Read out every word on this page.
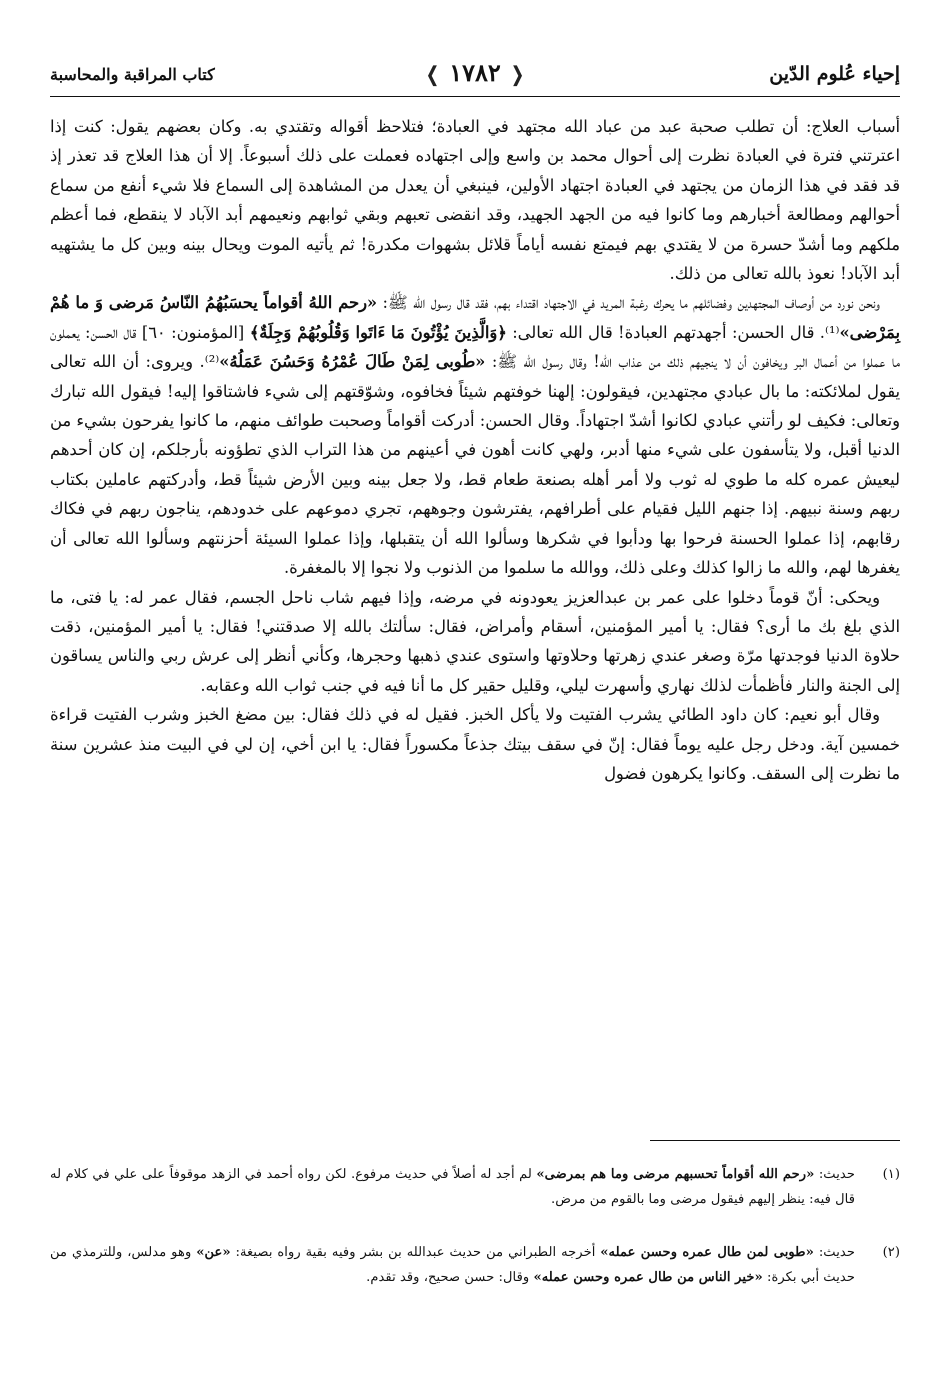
إحياء عُلوم الدّين
❬ ١٧٨٢ ❭
كتاب المراقبة والمحاسبة

أسباب العلاج: أن تطلب صحبة عبد من عباد الله مجتهد في العبادة؛ فتلاحظ أقواله وتقتدي به. وكان بعضهم يقول: كنت إذا اعترتني فترة في العبادة نظرت إلى أحوال محمد بن واسع وإلى اجتهاده فعملت على ذلك أسبوعاً. إلا أن هذا العلاج قد تعذر إذ قد فقد في هذا الزمان من يجتهد في العبادة اجتهاد الأولين، فينبغي أن يعدل من المشاهدة إلى السماع فلا شيء أنفع من سماع أحوالهم ومطالعة أخبارهم وما كانوا فيه من الجهد الجهيد، وقد انقضى تعبهم وبقي ثوابهم ونعيمهم أبد الآباد لا ينقطع، فما أعظم ملكهم وما أشدّ حسرة من لا يقتدي بهم فيمتع نفسه أياماً قلائل بشهوات مكدرة! ثم يأتيه الموت ويحال بينه وبين كل ما يشتهيه أبد الآباد! نعوذ بالله تعالى من ذلك.

ونحن نورد من أوصاف المجتهدين وفضائلهم ما يحرك رغبة المريد في الاجتهاد اقتداء بهم، فقد قال رسول الله ﷺ: «رحم اللهُ أقواماً يحسَبُهُمُ النّاسُ مَرضى وَ ما هُمْ بِمَرْضى»⁽¹⁾. قال الحسن: أجهدتهم العبادة! قال الله تعالى: ﴿وَالَّذِينَ يُؤْتُونَ مَا ءَاتَوا وَقُلُوبُهُمْ وَجِلَةٌ﴾ [المؤمنون: ٦٠] قال الحسن: يعملون ما عملوا من أعمال البر ويخافون أن لا ينجيهم ذلك من عذاب الله! وقال رسول الله ﷺ: «طُوبى لِمَنْ طَالَ عُمْرُهُ وَحَسُنَ عَمَلُهُ»⁽²⁾. ويروى: أن الله تعالى يقول لملائكته: ما بال عبادي مجتهدين، فيقولون: إلهنا خوفتهم شيئاً فخافوه، وشوّقتهم إلى شيء فاشتاقوا إليه! فيقول الله تبارك وتعالى: فكيف لو رأتني عبادي لكانوا أشدّ اجتهاداً. وقال الحسن: أدركت أقواماً وصحبت طوائف منهم، ما كانوا يفرحون بشيء من الدنيا أقبل، ولا يتأسفون على شيء منها أدبر، ولهي كانت أهون في أعينهم من هذا التراب الذي تطؤونه بأرجلكم، إن كان أحدهم ليعيش عمره كله ما طوي له ثوب ولا أمر أهله بصنعة طعام قط، ولا جعل بينه وبين الأرض شيئاً قط، وأدركتهم عاملين بكتاب ربهم وسنة نبيهم. إذا جنهم الليل فقيام على أطرافهم، يفترشون وجوههم، تجري دموعهم على خدودهم، يناجون ربهم في فكاك رقابهم، إذا عملوا الحسنة فرحوا بها ودأبوا في شكرها وسألوا الله أن يتقبلها، وإذا عملوا السيئة أحزنتهم وسألوا الله تعالى أن يغفرها لهم، والله ما زالوا كذلك وعلى ذلك، ووالله ما سلموا من الذنوب ولا نجوا إلا بالمغفرة.

ويحكى: أنّ قوماً دخلوا على عمر بن عبدالعزيز يعودونه في مرضه، وإذا فيهم شاب ناحل الجسم، فقال عمر له: يا فتى، ما الذي بلغ بك ما أرى؟ فقال: يا أمير المؤمنين، أسقام وأمراض، فقال: سألتك بالله إلا صدقتني! فقال: يا أمير المؤمنين، ذقت حلاوة الدنيا فوجدتها مرّة وصغر عندي زهرتها وحلاوتها واستوى عندي ذهبها وحجرها، وكأني أنظر إلى عرش ربي والناس يساقون إلى الجنة والنار فأظمأت لذلك نهاري وأسهرت ليلي، وقليل حقير كل ما أنا فيه في جنب ثواب الله وعقابه.

وقال أبو نعيم: كان داود الطائي يشرب الفتيت ولا يأكل الخبز. فقيل له في ذلك فقال: بين مضغ الخبز وشرب الفتيت قراءة خمسين آية. ودخل رجل عليه يوماً فقال: إنّ في سقف بيتك جذعاً مكسوراً فقال: يا ابن أخي، إن لي في البيت منذ عشرين سنة ما نظرت إلى السقف. وكانوا يكرهون فضول

(١)
حديث: «رحم الله أقواماً تحسبهم مرضى وما هم بمرضى» لم أجد له أصلاً في حديث مرفوع. لكن رواه أحمد في الزهد موقوفاً على علي في كلام له قال فيه: ينظر إليهم فيقول مرضى وما بالقوم من مرض.
(٢)
حديث: «طوبى لمن طال عمره وحسن عمله» أخرجه الطبراني من حديث عبدالله بن بشر وفيه بقية رواه بصيغة: «عن» وهو مدلس، وللترمذي من حديث أبي بكرة: «خير الناس من طال عمره وحسن عمله» وقال: حسن صحيح، وقد تقدم.
